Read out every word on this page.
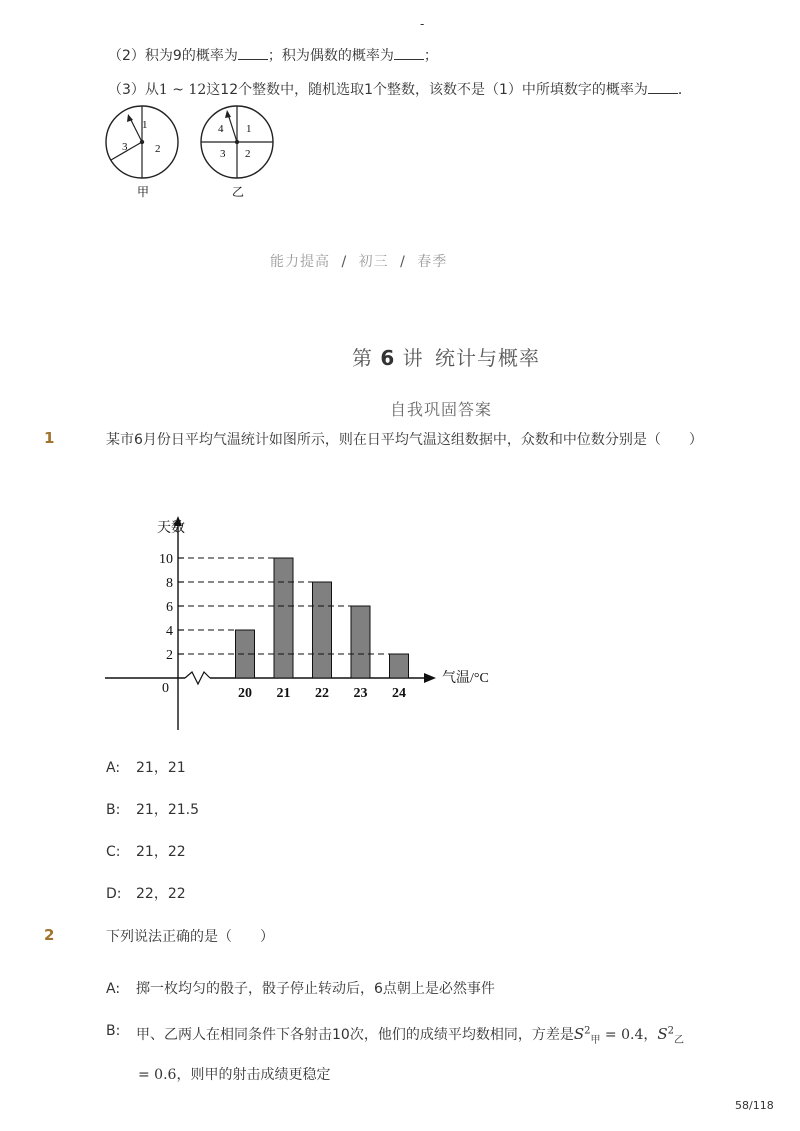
-
（2）积为9的概率为 ；积为偶数的概率为 ；
（3）从1 ~ 12这12个整数中，随机选取1个整数，该数不是（1）中所填数字的概率为 ．
1
2
3
4 1
3 2
甲	乙
能力提高 / 初三 / 春季
第 6 讲 统计与概率
自我巩固答案
1	某市6月份日平均气温统计如图所示，则在日平均气温这组数据中，众数和中位数分别是（　　）
天数
气温/°C
0
2
4
6
8
10
20 21 22 23 24
A: 21，21
B: 21，21.5
C: 21，22
D: 22，22
2	下列说法正确的是（　　）
A: 掷一枚均匀的骰子，骰子停止转动后，6点朝上是必然事件
B:	甲、乙两人在相同条件下各射击10次，他们的成绩平均数相同，方差是$S^2_甲 = 0.4$，$S^2_乙$
= 0.6，则甲的射击成绩更稳定
58/118
